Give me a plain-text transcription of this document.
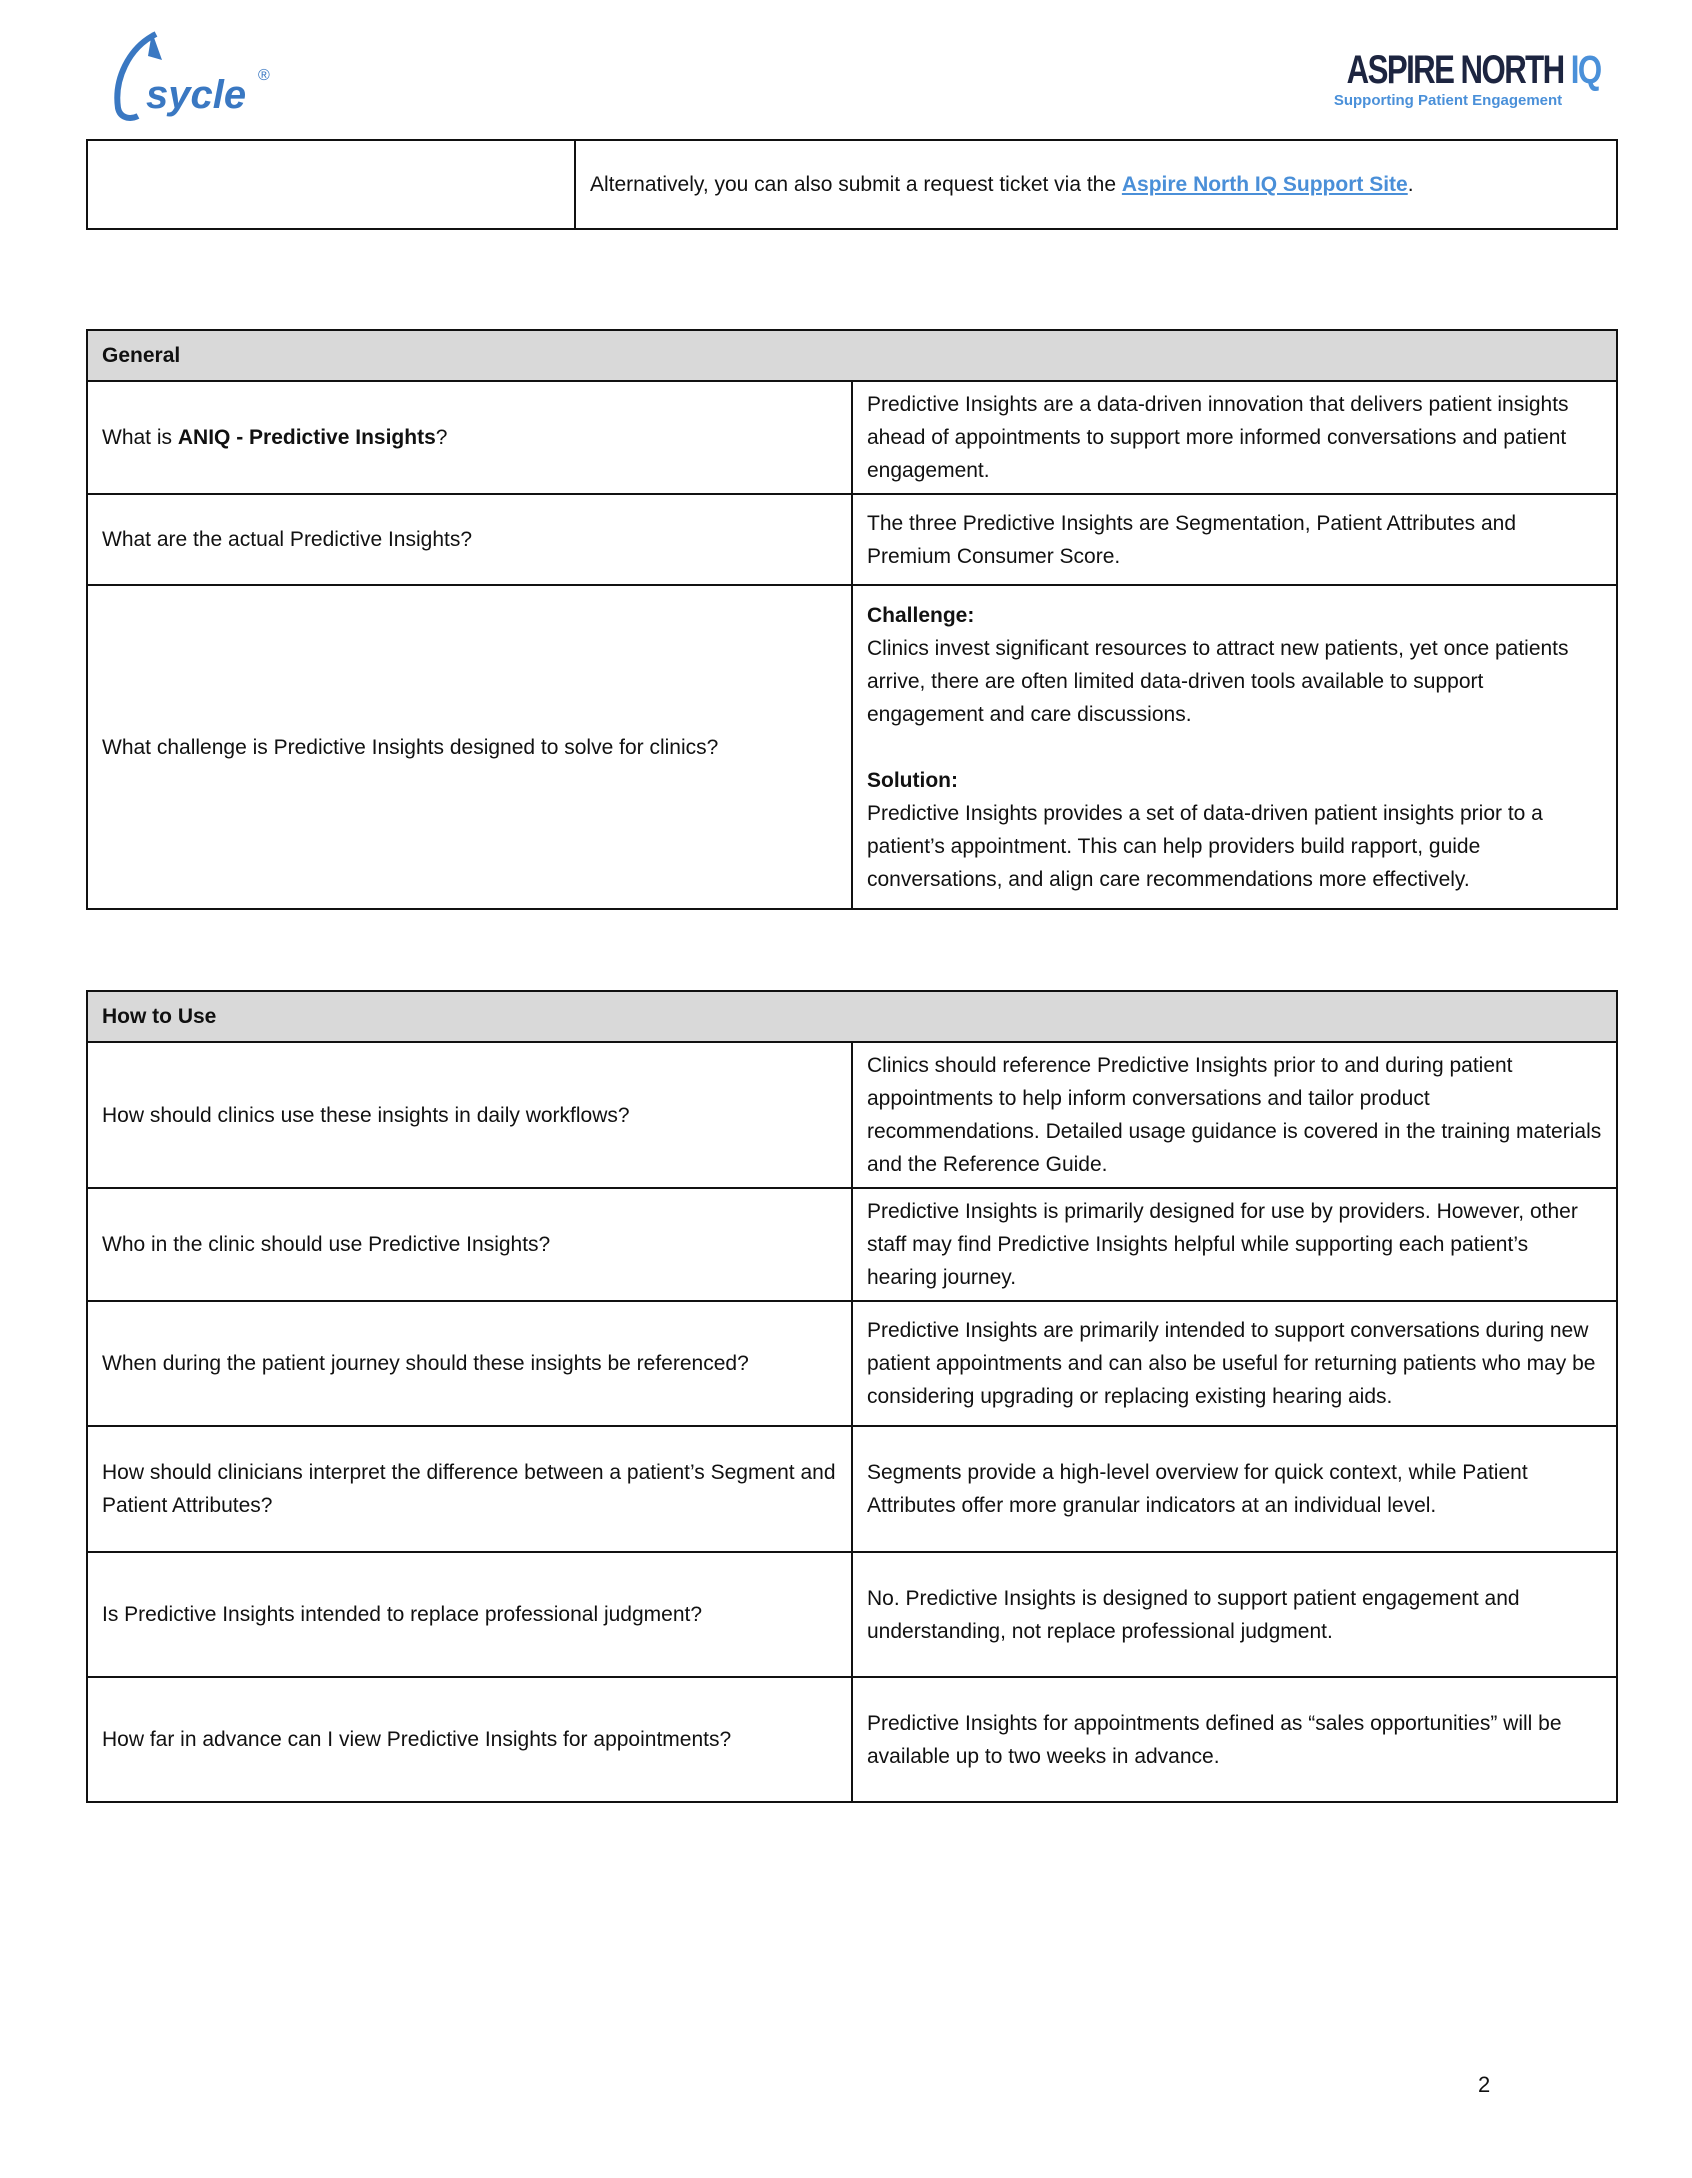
sycle ®	ASPIRE NORTH IQ
Supporting Patient Engagement
	Alternatively, you can also submit a request ticket via the Aspire North IQ Support Site.
General	
What is ANIQ - Predictive Insights?	Predictive Insights are a data-driven innovation that delivers patient insights ahead of appointments to support more informed conversations and patient engagement.
What are the actual Predictive Insights?	The three Predictive Insights are Segmentation, Patient Attributes and Premium Consumer Score.
What challenge is Predictive Insights designed to solve for clinics?	Challenge:
Clinics invest significant resources to attract new patients, yet once patients arrive, there are often limited data-driven tools available to support engagement and care discussions.
Solution:
Predictive Insights provides a set of data-driven patient insights prior to a patient’s appointment. This can help providers build rapport, guide conversations, and align care recommendations more effectively.
How to Use	
How should clinics use these insights in daily workflows?	Clinics should reference Predictive Insights prior to and during patient appointments to help inform conversations and tailor product recommendations. Detailed usage guidance is covered in the training materials and the Reference Guide.
Who in the clinic should use Predictive Insights?	Predictive Insights is primarily designed for use by providers. However, other staff may find Predictive Insights helpful while supporting each patient’s hearing journey.
When during the patient journey should these insights be referenced?	Predictive Insights are primarily intended to support conversations during new patient appointments and can also be useful for returning patients who may be considering upgrading or replacing existing hearing aids.
How should clinicians interpret the difference between a patient’s Segment and Patient Attributes?	Segments provide a high-level overview for quick context, while Patient Attributes offer more granular indicators at an individual level.
Is Predictive Insights intended to replace professional judgment?	No. Predictive Insights is designed to support patient engagement and understanding, not replace professional judgment.
How far in advance can I view Predictive Insights for appointments?	Predictive Insights for appointments defined as “sales opportunities” will be available up to two weeks in advance.
2
